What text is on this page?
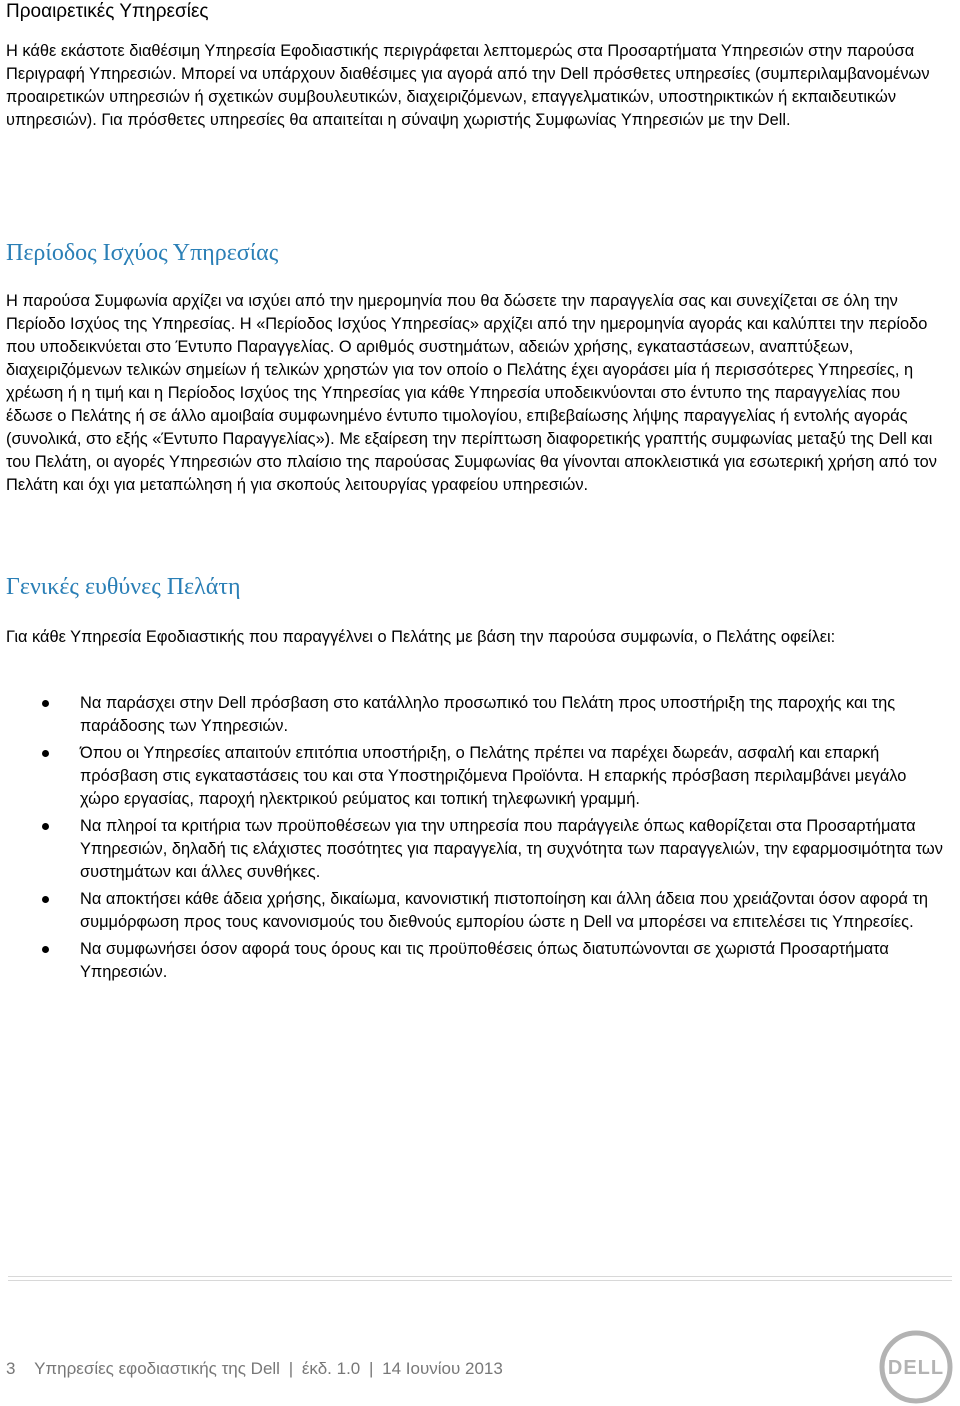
Προαιρετικές Υπηρεσίες

Η κάθε εκάστοτε διαθέσιμη Υπηρεσία Εφοδιαστικής περιγράφεται λεπτομερώς στα Προσαρτήματα Υπηρεσιών στην παρούσα Περιγραφή Υπηρεσιών. Μπορεί να υπάρχουν διαθέσιμες για αγορά από την Dell πρόσθετες υπηρεσίες (συμπεριλαμβανομένων προαιρετικών υπηρεσιών ή σχετικών συμβουλευτικών, διαχειριζόμενων, επαγγελματικών, υποστηρικτικών ή εκπαιδευτικών υπηρεσιών). Για πρόσθετες υπηρεσίες θα απαιτείται η σύναψη χωριστής Συμφωνίας Υπηρεσιών με την Dell.

Περίοδος Ισχύος Υπηρεσίας

Η παρούσα Συμφωνία αρχίζει να ισχύει από την ημερομηνία που θα δώσετε την παραγγελία σας και συνεχίζεται σε όλη την Περίοδο Ισχύος της Υπηρεσίας. Η «Περίοδος Ισχύος Υπηρεσίας» αρχίζει από την ημερομηνία αγοράς και καλύπτει την περίοδο που υποδεικνύεται στο Έντυπο Παραγγελίας. Ο αριθμός συστημάτων, αδειών χρήσης, εγκαταστάσεων, αναπτύξεων, διαχειριζόμενων τελικών σημείων ή τελικών χρηστών για τον οποίο ο Πελάτης έχει αγοράσει μία ή περισσότερες Υπηρεσίες, η χρέωση ή η τιμή και η Περίοδος Ισχύος της Υπηρεσίας για κάθε Υπηρεσία υποδεικνύονται στο έντυπο της παραγγελίας που έδωσε ο Πελάτης ή σε άλλο αμοιβαία συμφωνημένο έντυπο τιμολογίου, επιβεβαίωσης λήψης παραγγελίας ή εντολής αγοράς (συνολικά, στο εξής «Έντυπο Παραγγελίας»). Με εξαίρεση την περίπτωση διαφορετικής γραπτής συμφωνίας μεταξύ της Dell και του Πελάτη, οι αγορές Υπηρεσιών στο πλαίσιο της παρούσας Συμφωνίας θα γίνονται αποκλειστικά για εσωτερική χρήση από τον Πελάτη και όχι για μεταπώληση ή για σκοπούς λειτουργίας γραφείου υπηρεσιών.

Γενικές ευθύνες Πελάτη

Για κάθε Υπηρεσία Εφοδιαστικής που παραγγέλνει ο Πελάτης με βάση την παρούσα συμφωνία, ο Πελάτης οφείλει:

Να παράσχει στην Dell πρόσβαση στο κατάλληλο προσωπικό του Πελάτη προς υποστήριξη της παροχής και της παράδοσης των Υπηρεσιών.
Όπου οι Υπηρεσίες απαιτούν επιτόπια υποστήριξη, ο Πελάτης πρέπει να παρέχει δωρεάν, ασφαλή και επαρκή πρόσβαση στις εγκαταστάσεις του και στα Υποστηριζόμενα Προϊόντα. Η επαρκής πρόσβαση περιλαμβάνει μεγάλο χώρο εργασίας, παροχή ηλεκτρικού ρεύματος και τοπική τηλεφωνική γραμμή.
Να πληροί τα κριτήρια των προϋποθέσεων για την υπηρεσία που παράγγειλε όπως καθορίζεται στα Προσαρτήματα Υπηρεσιών, δηλαδή τις ελάχιστες ποσότητες για παραγγελία, τη συχνότητα των παραγγελιών, την εφαρμοσιμότητα των συστημάτων και άλλες συνθήκες.
Να αποκτήσει κάθε άδεια χρήσης, δικαίωμα, κανονιστική πιστοποίηση και άλλη άδεια που χρειάζονται όσον αφορά τη συμμόρφωση προς τους κανονισμούς του διεθνούς εμπορίου ώστε η Dell να μπορέσει να επιτελέσει τις Υπηρεσίες.
Να συμφωνήσει όσον αφορά τους όρους και τις προϋποθέσεις όπως διατυπώνονται σε χωριστά Προσαρτήματα Υπηρεσιών.
3 Υπηρεσίες εφοδιαστικής της Dell | έκδ. 1.0 | 14 Ιουνίου 2013	DELL
